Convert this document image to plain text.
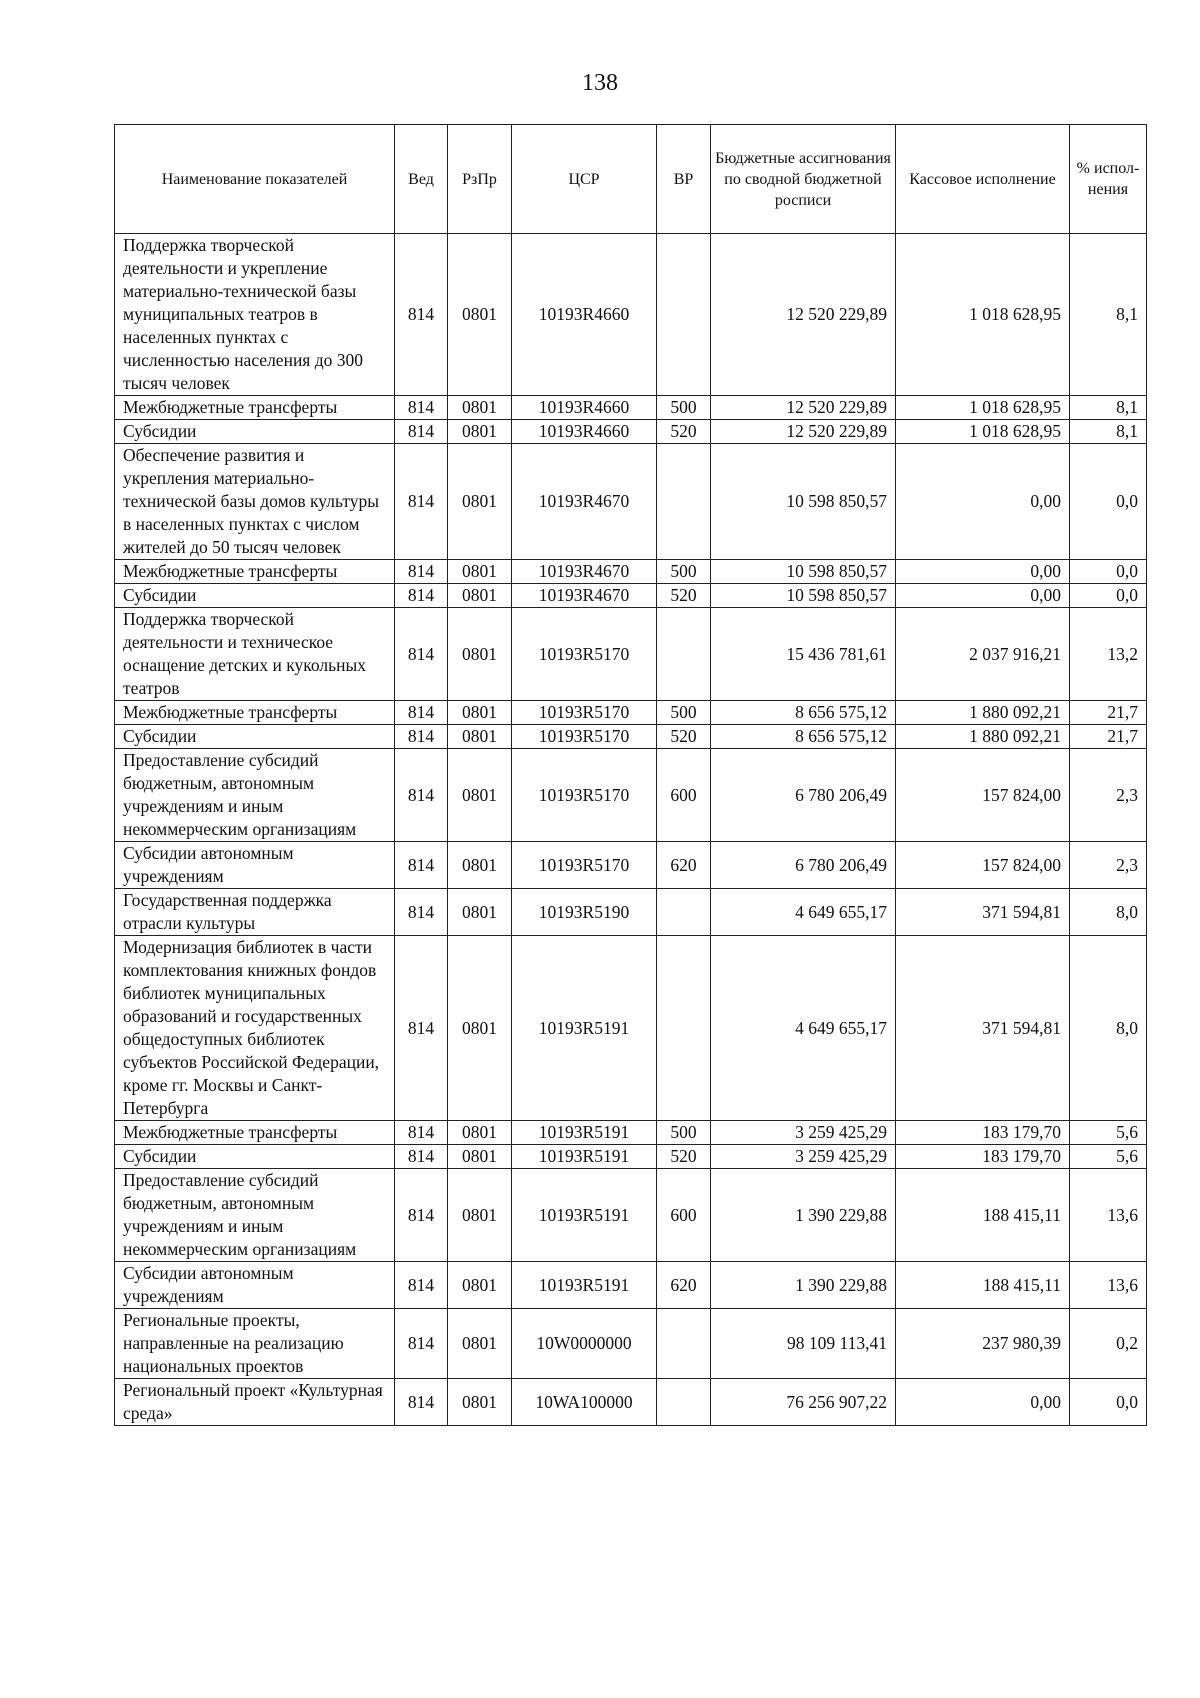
138
Наименование показателей	Вед	РзПр	ЦСР	ВР	Бюджетные ассигнования по сводной бюджетной росписи	Кассовое исполнение	% испол-нения
Поддержка творческой деятельности и укрепление материально-технической базы муниципальных театров в населенных пунктах с численностью населения до 300 тысяч человек	814	0801	10193R4660		12 520 229,89	1 018 628,95	8,1
Межбюджетные трансферты	814	0801	10193R4660	500	12 520 229,89	1 018 628,95	8,1
Субсидии	814	0801	10193R4660	520	12 520 229,89	1 018 628,95	8,1
Обеспечение развития и укрепления материально-технической базы домов культуры в населенных пунктах с числом жителей до 50 тысяч человек	814	0801	10193R4670		10 598 850,57	0,00	0,0
Межбюджетные трансферты	814	0801	10193R4670	500	10 598 850,57	0,00	0,0
Субсидии	814	0801	10193R4670	520	10 598 850,57	0,00	0,0
Поддержка творческой деятельности и техническое оснащение детских и кукольных театров	814	0801	10193R5170		15 436 781,61	2 037 916,21	13,2
Межбюджетные трансферты	814	0801	10193R5170	500	8 656 575,12	1 880 092,21	21,7
Субсидии	814	0801	10193R5170	520	8 656 575,12	1 880 092,21	21,7
Предоставление субсидий бюджетным, автономным учреждениям и иным некоммерческим организациям	814	0801	10193R5170	600	6 780 206,49	157 824,00	2,3
Субсидии автономным учреждениям	814	0801	10193R5170	620	6 780 206,49	157 824,00	2,3
Государственная поддержка отрасли культуры	814	0801	10193R5190		4 649 655,17	371 594,81	8,0
Модернизация библиотек в части комплектования книжных фондов библиотек муниципальных образований и государственных общедоступных библиотек субъектов Российской Федерации, кроме гг. Москвы и Санкт-Петербурга	814	0801	10193R5191		4 649 655,17	371 594,81	8,0
Межбюджетные трансферты	814	0801	10193R5191	500	3 259 425,29	183 179,70	5,6
Субсидии	814	0801	10193R5191	520	3 259 425,29	183 179,70	5,6
Предоставление субсидий бюджетным, автономным учреждениям и иным некоммерческим организациям	814	0801	10193R5191	600	1 390 229,88	188 415,11	13,6
Субсидии автономным учреждениям	814	0801	10193R5191	620	1 390 229,88	188 415,11	13,6
Региональные проекты, направленные на реализацию национальных проектов	814	0801	10W0000000		98 109 113,41	237 980,39	0,2
Региональный проект «Культурная среда»	814	0801	10WA100000		76 256 907,22	0,00	0,0
